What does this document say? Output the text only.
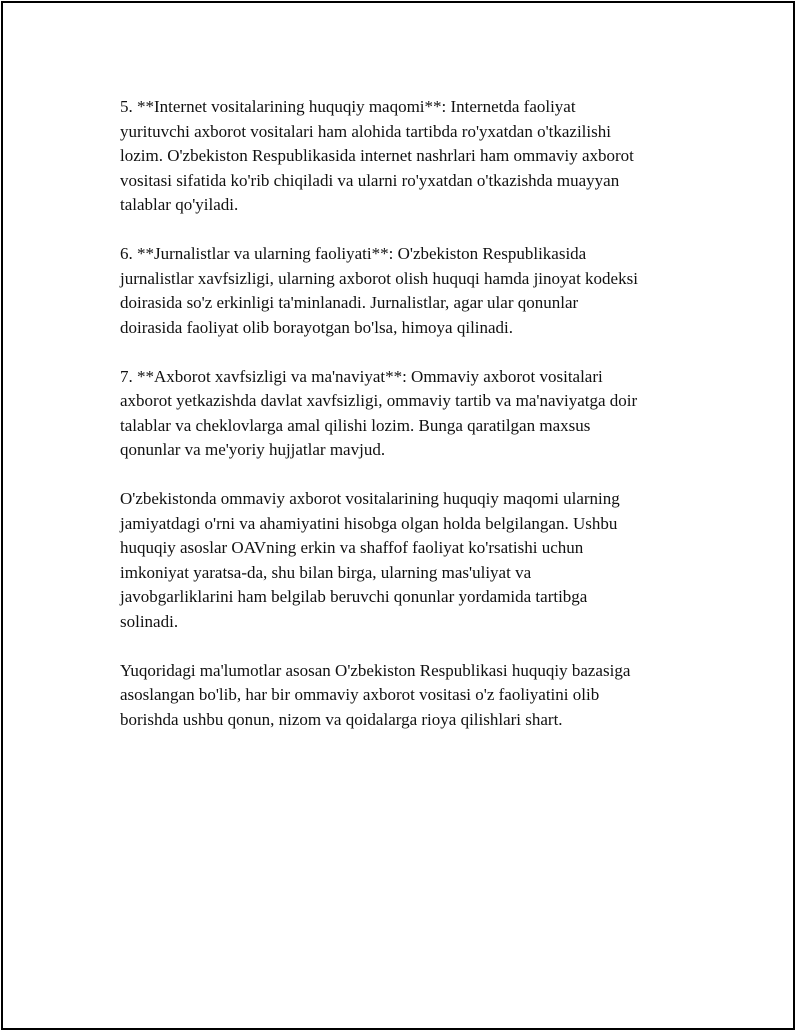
5. **Internet vositalarining huquqiy maqomi**: Internetda faoliyat
yurituvchi axborot vositalari ham alohida tartibda ro'yxatdan o'tkazilishi
lozim. O'zbekiston Respublikasida internet nashrlari ham ommaviy axborot
vositasi sifatida ko'rib chiqiladi va ularni ro'yxatdan o'tkazishda muayyan
talablar qo'yiladi.

6. **Jurnalistlar va ularning faoliyati**: O'zbekiston Respublikasida
jurnalistlar xavfsizligi, ularning axborot olish huquqi hamda jinoyat kodeksi
doirasida so'z erkinligi ta'minlanadi. Jurnalistlar, agar ular qonunlar
doirasida faoliyat olib borayotgan bo'lsa, himoya qilinadi.

7. **Axborot xavfsizligi va ma'naviyat**: Ommaviy axborot vositalari
axborot yetkazishda davlat xavfsizligi, ommaviy tartib va ma'naviyatga doir
talablar va cheklovlarga amal qilishi lozim. Bunga qaratilgan maxsus
qonunlar va me'yoriy hujjatlar mavjud.

O'zbekistonda ommaviy axborot vositalarining huquqiy maqomi ularning
jamiyatdagi o'rni va ahamiyatini hisobga olgan holda belgilangan. Ushbu
huquqiy asoslar OAVning erkin va shaffof faoliyat ko'rsatishi uchun
imkoniyat yaratsa-da, shu bilan birga, ularning mas'uliyat va
javobgarliklarini ham belgilab beruvchi qonunlar yordamida tartibga
solinadi.

Yuqoridagi ma'lumotlar asosan O'zbekiston Respublikasi huquqiy bazasiga
asoslangan bo'lib, har bir ommaviy axborot vositasi o'z faoliyatini olib
borishda ushbu qonun, nizom va qoidalarga rioya qilishlari shart.
